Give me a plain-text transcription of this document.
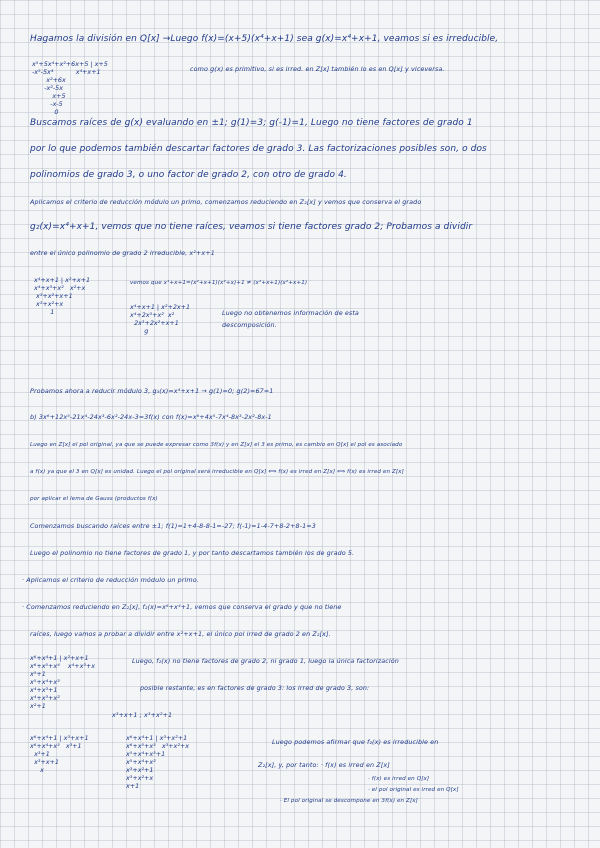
Hagamos la división en Q[x] →Luego f(x)=(x+5)(x⁴+x+1) sea g(x)=x⁴+x+1, veamos si es irreducible,
x⁵+5x⁴+x²+6x+5 | x+5
-x⁵-5x⁴           x⁴+x+1
x²+6x
-x²-5x
x+5
-x-5
0
como g(x) es primitivo, si es irred. en Z[x] también lo es en Q[x] y viceversa.
Buscamos raíces de g(x) evaluando en ±1; g(1)=3; g(-1)=1, Luego no tiene factores de grado 1
por lo que podemos también descartar factores de grado 3. Las factorizaciones posibles son, o dos
polinomios de grado 3, o uno factor de grado 2, con otro de grado 4.
Aplicamos el criterio de reducción módulo un primo, comenzamos reduciendo en Z₂[x] y vemos que conserva el grado
g₂(x)=x⁴+x+1, vemos que no tiene raíces, veamos si tiene factores grado 2; Probamos a dividir
entre el único polinomio de grado 2 irreducible, x²+x+1
x⁴+x+1 | x²+x+1
x⁴+x³+x²   x²+x
x³+x²+x+1
x³+x²+x
1
vemos que x⁴+x+1=(x²+x+1)(x²+x)+1 ≠ (x²+x+1)(x²+x+1)
x⁴+x+1 | x²+2x+1
x⁴+2x³+x²  x²
2x³+2x²+x+1
g
Luego no obtenemos información de esta
descomposición.
Probamos ahora a reducir módulo 3, g₃(x)=x⁴+x+1 → g(1)=0; g(2)=67=1
b) 3x⁶+12x⁵-21x⁴-24x³-6x²-24x-3=3f(x) con f(x)=x⁶+4x⁵-7x⁴-8x³-2x²-8x-1
Luego en Z[x] el pol original, ya que se puede expresar como 3f(x) y en Z[x] el 3 es primo, es cambio en Q[x] el pol es asociado
a f(x) ya que el 3 en Q[x] es unidad. Luego el pol original será irreducible en Q[x] ⟺ f(x) es irred en Z[x] ⟺ f(x) es irred en Z[x]
por aplicar el lema de Gauss (productos f(x)
Comenzamos buscando raíces entre ±1; f(1)=1+4-8-8-1=-27; f(-1)=1-4-7+8-2+8-1=3
Luego el polinomio no tiene factores de grado 1, y por tanto descartamos también los de grado 5.
· Aplicamos el criterio de reducción módulo un primo.
· Comenzamos reduciendo en Z₂[x], f₂(x)=x⁶+x⁴+1, vemos que conserva el grado y que no tiene
raíces, luego vamos a probar a dividir entre x²+x+1, el único pol irred de grado 2 en Z₂[x].
x⁶+x⁴+1 | x²+x+1
x⁶+x⁵+x⁴    x⁴+x³+x
x⁵+1
x⁵+x⁴+x³
x⁴+x³+1
x⁴+x³+x²
x²+1
Luego, f₂(x) no tiene factores de grado 2, ni grado 1, luego la única factorización
posible restante, es en factores de grado 3: los irred de grado 3, son:
x³+x+1 ; x³+x²+1
x⁶+x⁴+1 | x³+x+1
x⁶+x⁴+x³   x³+1
x³+1
x³+x+1
x
x⁶+x⁴+1 | x³+x²+1
x⁶+x⁵+x³   x³+x²+x
x⁵+x⁴+x³+1
x⁵+x⁴+x²
x³+x²+1
x³+x²+x
x+1
Luego podemos afirmar que f₂(x) es irreducible en
Z₂[x], y, por tanto: · f(x) es irred en Z[x]
· f(x) es irred en Q[x]
· el pol original es irred en Q[x]
· El pol original se descompone en 3f(x) en Z[x]
